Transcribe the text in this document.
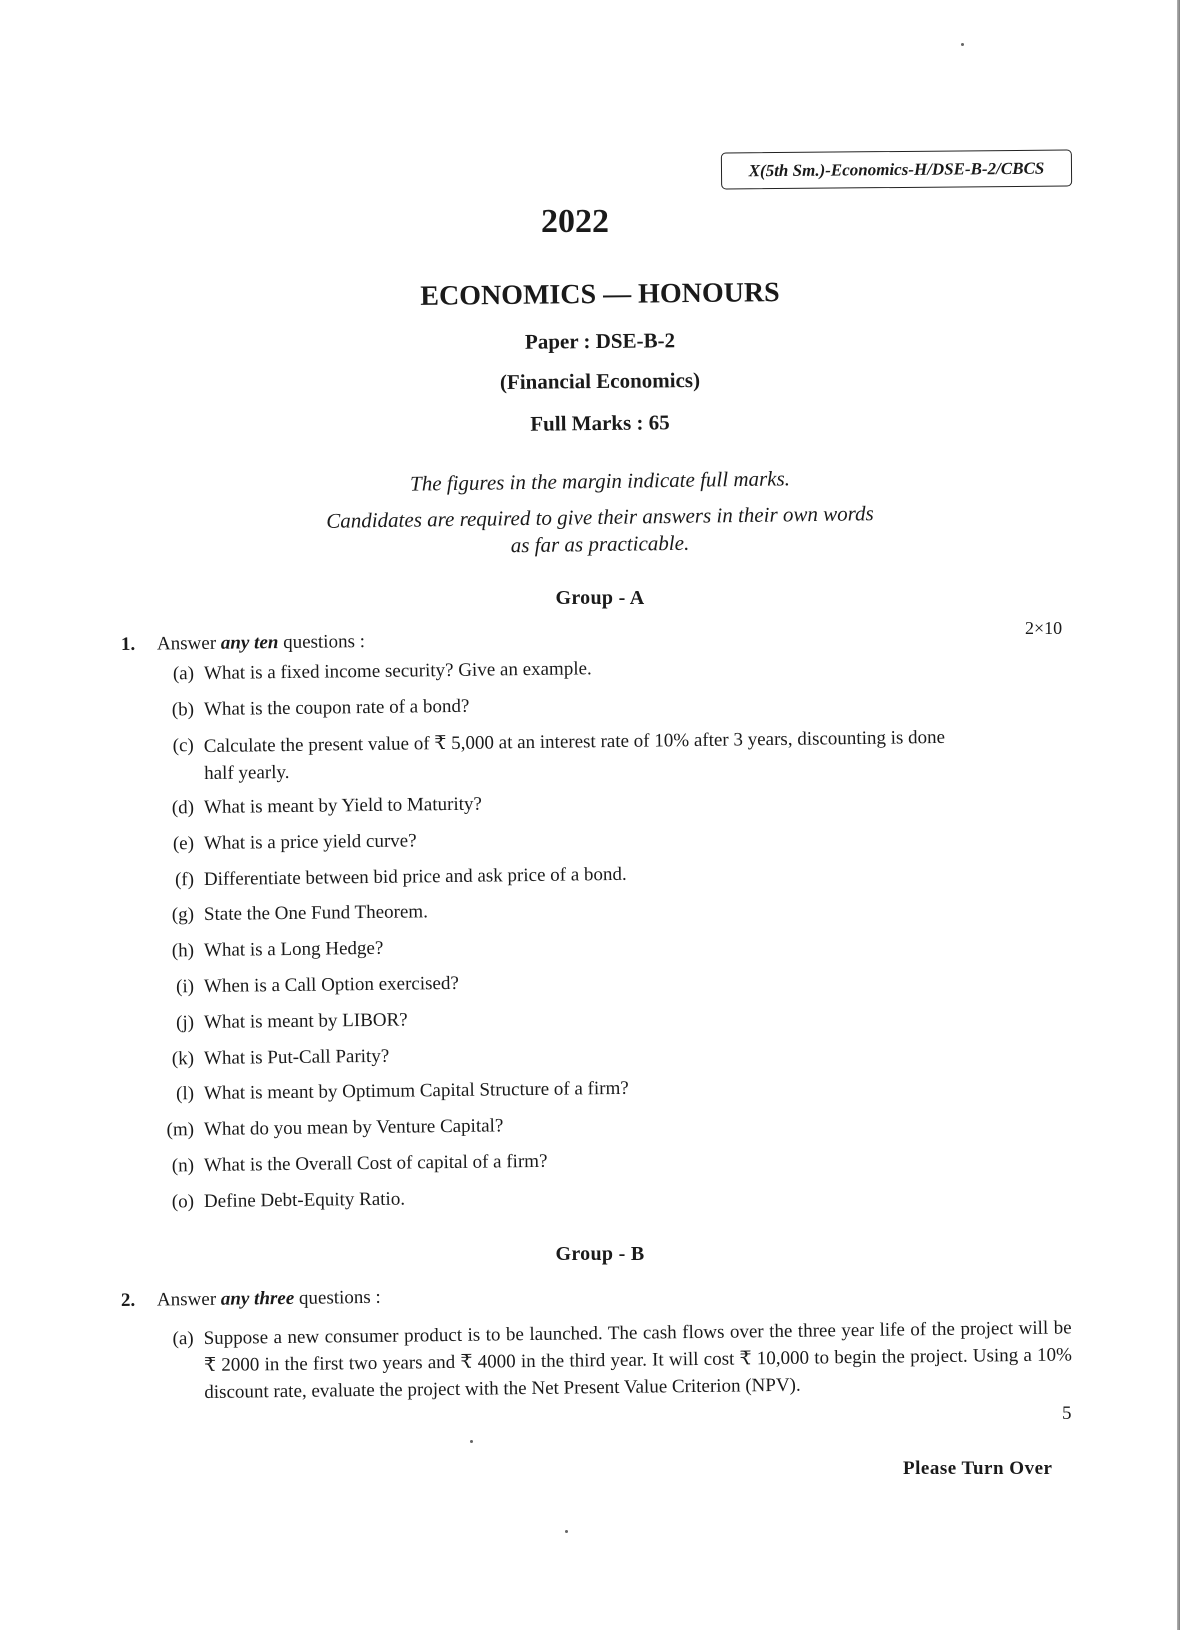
X(5th Sm.)-Economics-H/DSE-B-2/CBCS
2022
ECONOMICS — HONOURS
Paper : DSE-B-2
(Financial Economics)
Full Marks : 65
The figures in the margin indicate full marks.
Candidates are required to give their answers in their own words
as far as practicable.
Group - A
2×10
1. Answer any ten questions :
(a) What is a fixed income security? Give an example.
(b) What is the coupon rate of a bond?
(c) Calculate the present value of ₹ 5,000 at an interest rate of 10% after 3 years, discounting is done
half yearly.
(d) What is meant by Yield to Maturity?
(e) What is a price yield curve?
(f) Differentiate between bid price and ask price of a bond.
(g) State the One Fund Theorem.
(h) What is a Long Hedge?
(i) When is a Call Option exercised?
(j) What is meant by LIBOR?
(k) What is Put-Call Parity?
(l) What is meant by Optimum Capital Structure of a firm?
(m) What do you mean by Venture Capital?
(n) What is the Overall Cost of capital of a firm?
(o) Define Debt-Equity Ratio.
Group - B
2. Answer any three questions :
(a) Suppose a new consumer product is to be launched. The cash flows over the three year life of the project will be ₹ 2000 in the first two years and ₹ 4000 in the third year. It will cost ₹ 10,000 to begin the project. Using a 10% discount rate, evaluate the project with the Net Present Value Criterion (NPV).
5
Please Turn Over
